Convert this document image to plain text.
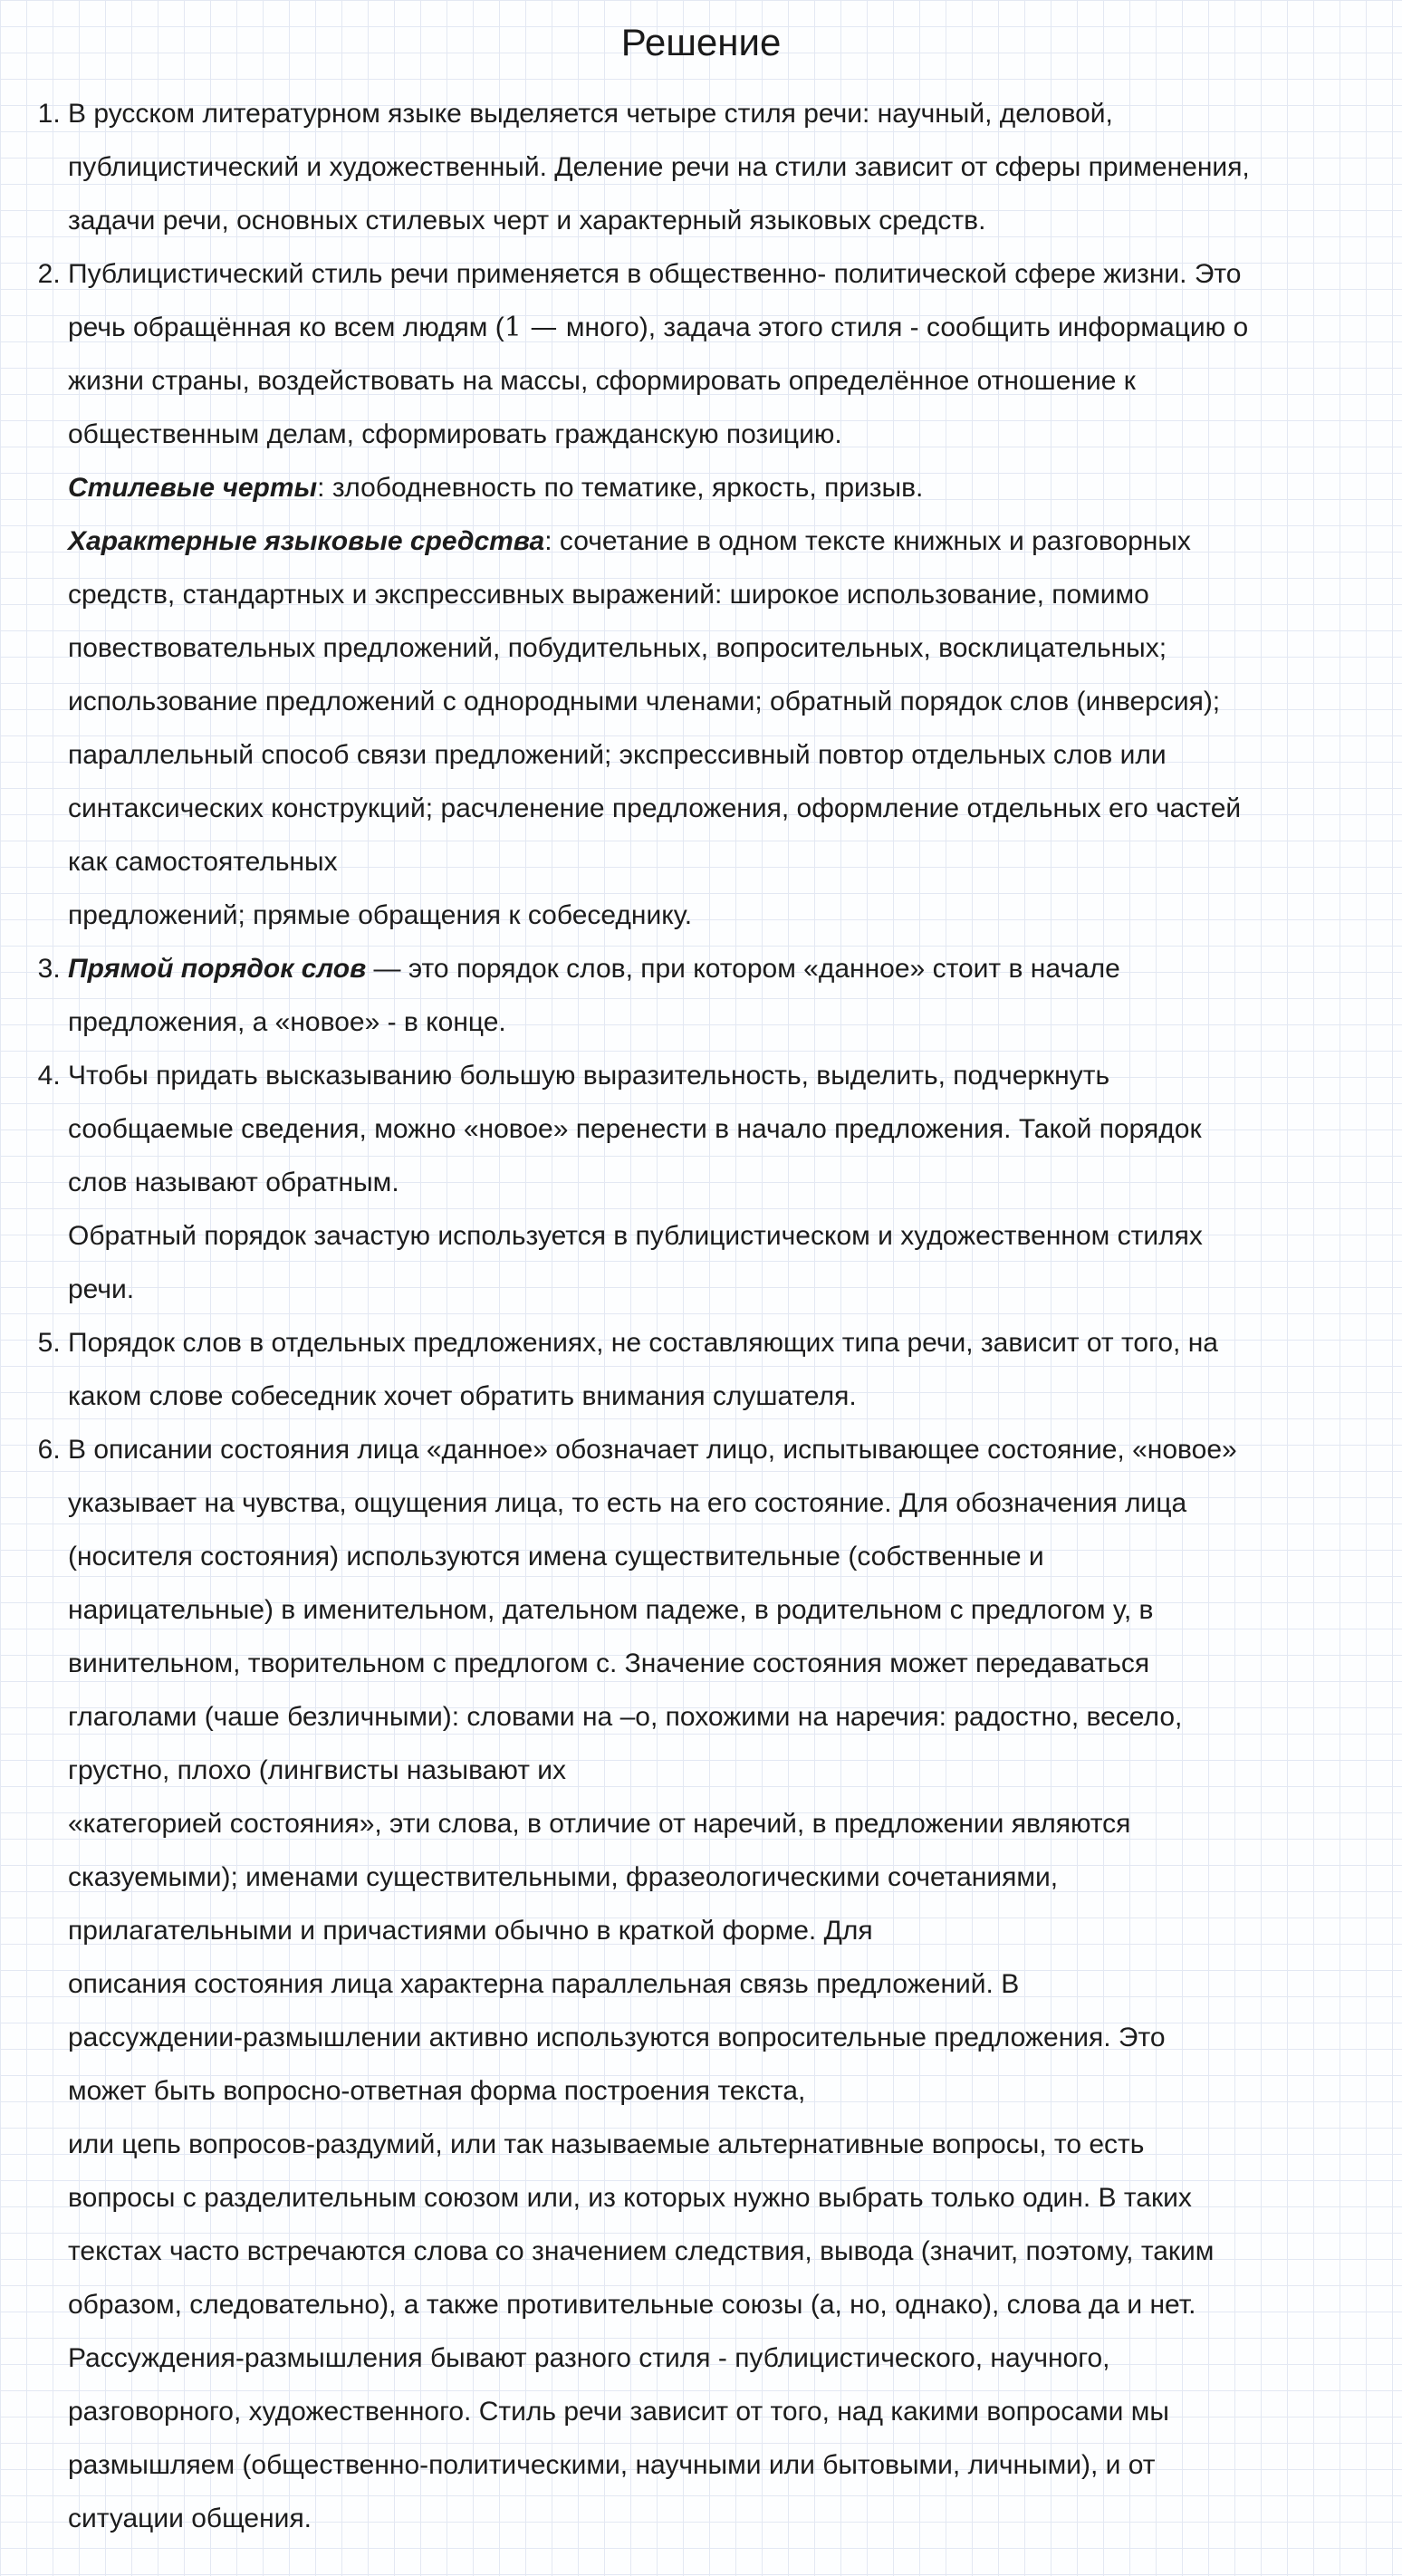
Решение
1. В русском литературном языке выделяется четыре стиля речи: научный, деловой,
публицистический и художественный. Деление речи на стили зависит от сферы применения,
задачи речи, основных стилевых черт и характерный языковых средств.
2. Публицистический стиль речи применяется в общественно- политической сфере жизни. Это
речь обращённая ко всем людям (1 — много), задача этого стиля - сообщить информацию о
жизни страны, воздействовать на массы, сформировать определённое отношение к
общественным делам, сформировать гражданскую позицию.
Стилевые черты: злободневность по тематике, яркость, призыв.
Характерные языковые средства: сочетание в одном тексте книжных и разговорных
средств, стандартных и экспрессивных выражений: широкое использование, помимо
повествовательных предложений, побудительных, вопросительных, восклицательных;
использование предложений с однородными членами; обратный порядок слов (инверсия);
параллельный способ связи предложений; экспрессивный повтор отдельных слов или
синтаксических конструкций; расчленение предложения, оформление отдельных его частей
как самостоятельных
предложений; прямые обращения к собеседнику.
3. Прямой порядок слов — это порядок слов, при котором «данное» стоит в начале
предложения, а «новое» - в конце.
4. Чтобы придать высказыванию большую выразительность, выделить, подчеркнуть
сообщаемые сведения, можно «новое» перенести в начало предложения. Такой порядок
слов называют обратным.
Обратный порядок зачастую используется в публицистическом и художественном стилях
речи.
5. Порядок слов в отдельных предложениях, не составляющих типа речи, зависит от того, на
каком слове собеседник хочет обратить внимания слушателя.
6. В описании состояния лица «данное» обозначает лицо, испытывающее состояние, «новое»
указывает на чувства, ощущения лица, то есть на его состояние. Для обозначения лица
(носителя состояния) используются имена существительные (собственные и
нарицательные) в именительном, дательном падеже, в родительном с предлогом у, в
винительном, творительном с предлогом с. Значение состояния может передаваться
глаголами (чаше безличными): словами на –о, похожими на наречия: радостно, весело,
грустно, плохо (лингвисты называют их
«категорией состояния», эти слова, в отличие от наречий, в предложении являются
сказуемыми); именами существительными, фразеологическими сочетаниями,
прилагательными и причастиями обычно в краткой форме. Для
описания состояния лица характерна параллельная связь предложений. В
рассуждении-размышлении активно используются вопросительные предложения. Это
может быть вопросно-ответная форма построения текста,
или цепь вопросов-раздумий, или так называемые альтернативные вопросы, то есть
вопросы с разделительным союзом или, из которых нужно выбрать только один. В таких
текстах часто встречаются слова со значением следствия, вывода (значит, поэтому, таким
образом, следовательно), а также противительные союзы (а, но, однако), слова да и нет.
Рассуждения-размышления бывают разного стиля - публицистического, научного,
разговорного, художественного. Стиль речи зависит от того, над какими вопросами мы
размышляем (общественно-политическими, научными или бытовыми, личными), и от
ситуации общения.
